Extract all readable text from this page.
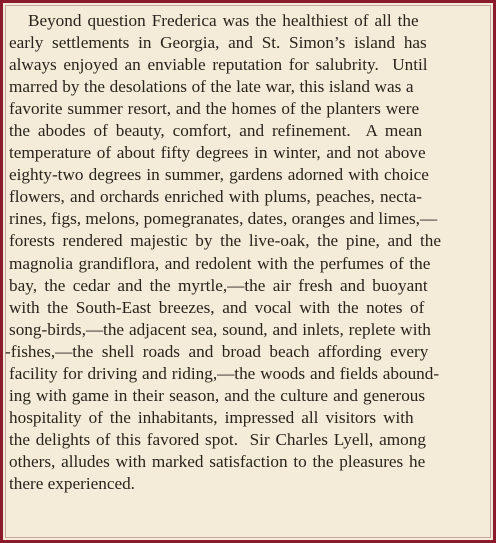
Beyond question Frederica was the healthiest of all the
early settlements in Georgia, and St. Simon’s island has
always enjoyed an enviable reputation for salubrity.  Until
marred by the desolations of the late war, this island was a
favorite summer resort, and the homes of the planters were
the abodes of beauty, comfort, and refinement.  A mean
temperature of about fifty degrees in winter, and not above
eighty-two degrees in summer, gardens adorned with choice
flowers, and orchards enriched with plums, peaches, necta-
rines, figs, melons, pomegranates, dates, oranges and limes,—
forests rendered majestic by the live-oak, the pine, and the
magnolia grandiflora, and redolent with the perfumes of the
bay, the cedar and the myrtle,—the air fresh and buoyant
with the South-East breezes, and vocal with the notes of
song-birds,—the adjacent sea, sound, and inlets, replete with
-fishes,—the shell roads and broad beach affording every
facility for driving and riding,—the woods and fields abound-
ing with game in their season, and the culture and generous
hospitality of the inhabitants, impressed all visitors with
the delights of this favored spot.  Sir Charles Lyell, among
others, alludes with marked satisfaction to the pleasures he
there experienced.
